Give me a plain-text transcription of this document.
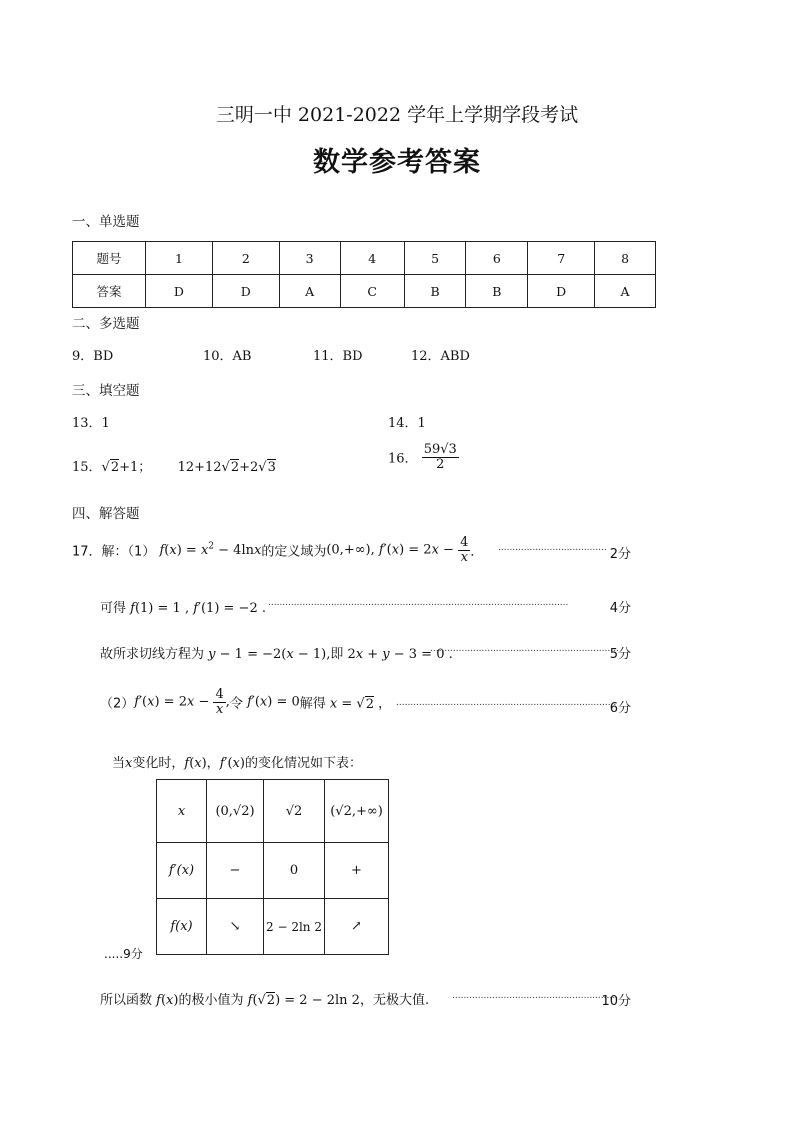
三明一中 2021-2022 学年上学期学段考试
数学参考答案
一、单选题
题号	1	2	3	4	5	6	7	8
答案	D	D	A	C	B	B	D	A
二、多选题
9．BD	10．AB	11．BD	12．ABD
三、填空题
13．1	14．1
15．√2+1； 12+12√2+2√3
16． $\frac{59√3}{2}$
四、解答题
17．解：（1） $f(x) = x^2 - 4\ln x$的定义域为(0,+∞), $f'(x) = 2x - \frac{4}{x}$ ． ...................................... 2分
可得 f(1) = 1 , f′(1) = −2 . .........................................................................................................	4分
故所求切线方程为 y − 1 = −2(x − 1),即 2x + y − 3 = 0 .
..................................................................
5分
$(2)f'(x) = 2x - \frac{4}{x}$ ,令 f′(x) = 0解得 x = √2 ， .............................................................................
6分
当x变化时，f(x)，f′(x)的变化情况如下表：
x	(0,√2)	√2	(√2,+∞)
f′(x)	−	0	+
f(x)	↘	2 − 2ln 2	↗
.....9分
所以函数 f(x)的极小值为 f(√2) = 2 − 2ln 2，无极大值.	..........................................................
10分
